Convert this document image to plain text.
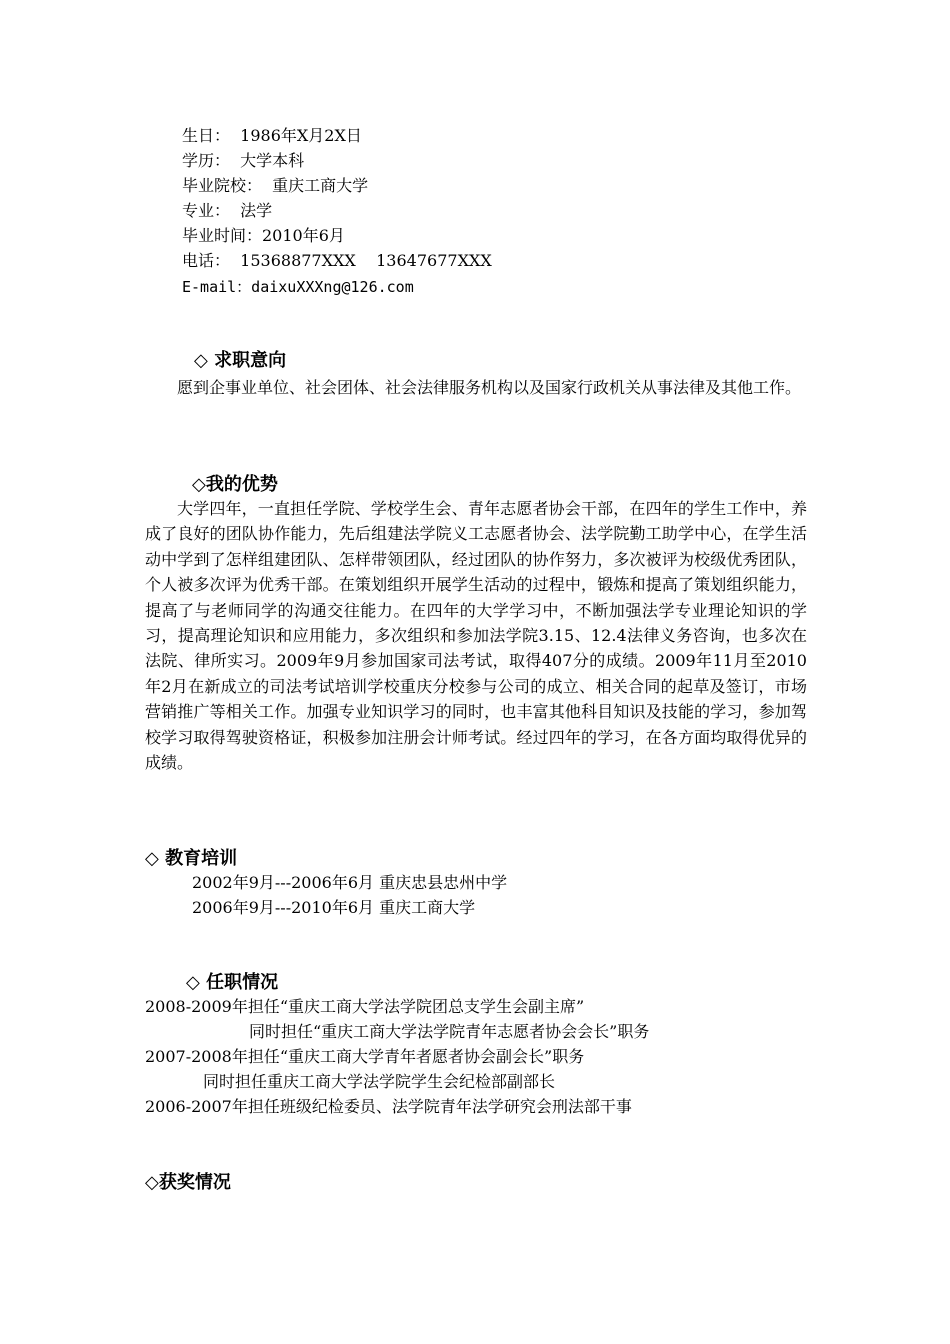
生日：  1986年X月2X日

学历：  大学本科

毕业院校：  重庆工商大学

专业：  法学

毕业时间：2010年6月

电话：  15368877XXX    13647677XXX

E-mail：daixuXXXng@126.com

◇ 求职意向

愿到企事业单位、社会团体、社会法律服务机构以及国家行政机关从事法律及其他工作。

◇我的优势

大学四年，一直担任学院、学校学生会、青年志愿者协会干部，在四年的学生工作中，养成了良好的团队协作能力，先后组建法学院义工志愿者协会、法学院勤工助学中心，在学生活动中学到了怎样组建团队、怎样带领团队，经过团队的协作努力，多次被评为校级优秀团队，个人被多次评为优秀干部。在策划组织开展学生活动的过程中，锻炼和提高了策划组织能力，提高了与老师同学的沟通交往能力。在四年的大学学习中，不断加强法学专业理论知识的学习，提高理论知识和应用能力，多次组织和参加法学院3.15、12.4法律义务咨询，也多次在法院、律所实习。2009年9月参加国家司法考试，取得407分的成绩。2009年11月至2010年2月在新成立的司法考试培训学校重庆分校参与公司的成立、相关合同的起草及签订，市场营销推广等相关工作。加强专业知识学习的同时，也丰富其他科目知识及技能的学习，参加驾校学习取得驾驶资格证，积极参加注册会计师考试。经过四年的学习，在各方面均取得优异的成绩。

◇ 教育培训

2002年9月---2006年6月 重庆忠县忠州中学

2006年9月---2010年6月 重庆工商大学

◇ 任职情况

2008-2009年担任“重庆工商大学法学院团总支学生会副主席”

同时担任“重庆工商大学法学院青年志愿者协会会长”职务

2007-2008年担任“重庆工商大学青年者愿者协会副会长”职务

同时担任重庆工商大学法学院学生会纪检部副部长

2006-2007年担任班级纪检委员、法学院青年法学研究会刑法部干事

◇获奖情况
